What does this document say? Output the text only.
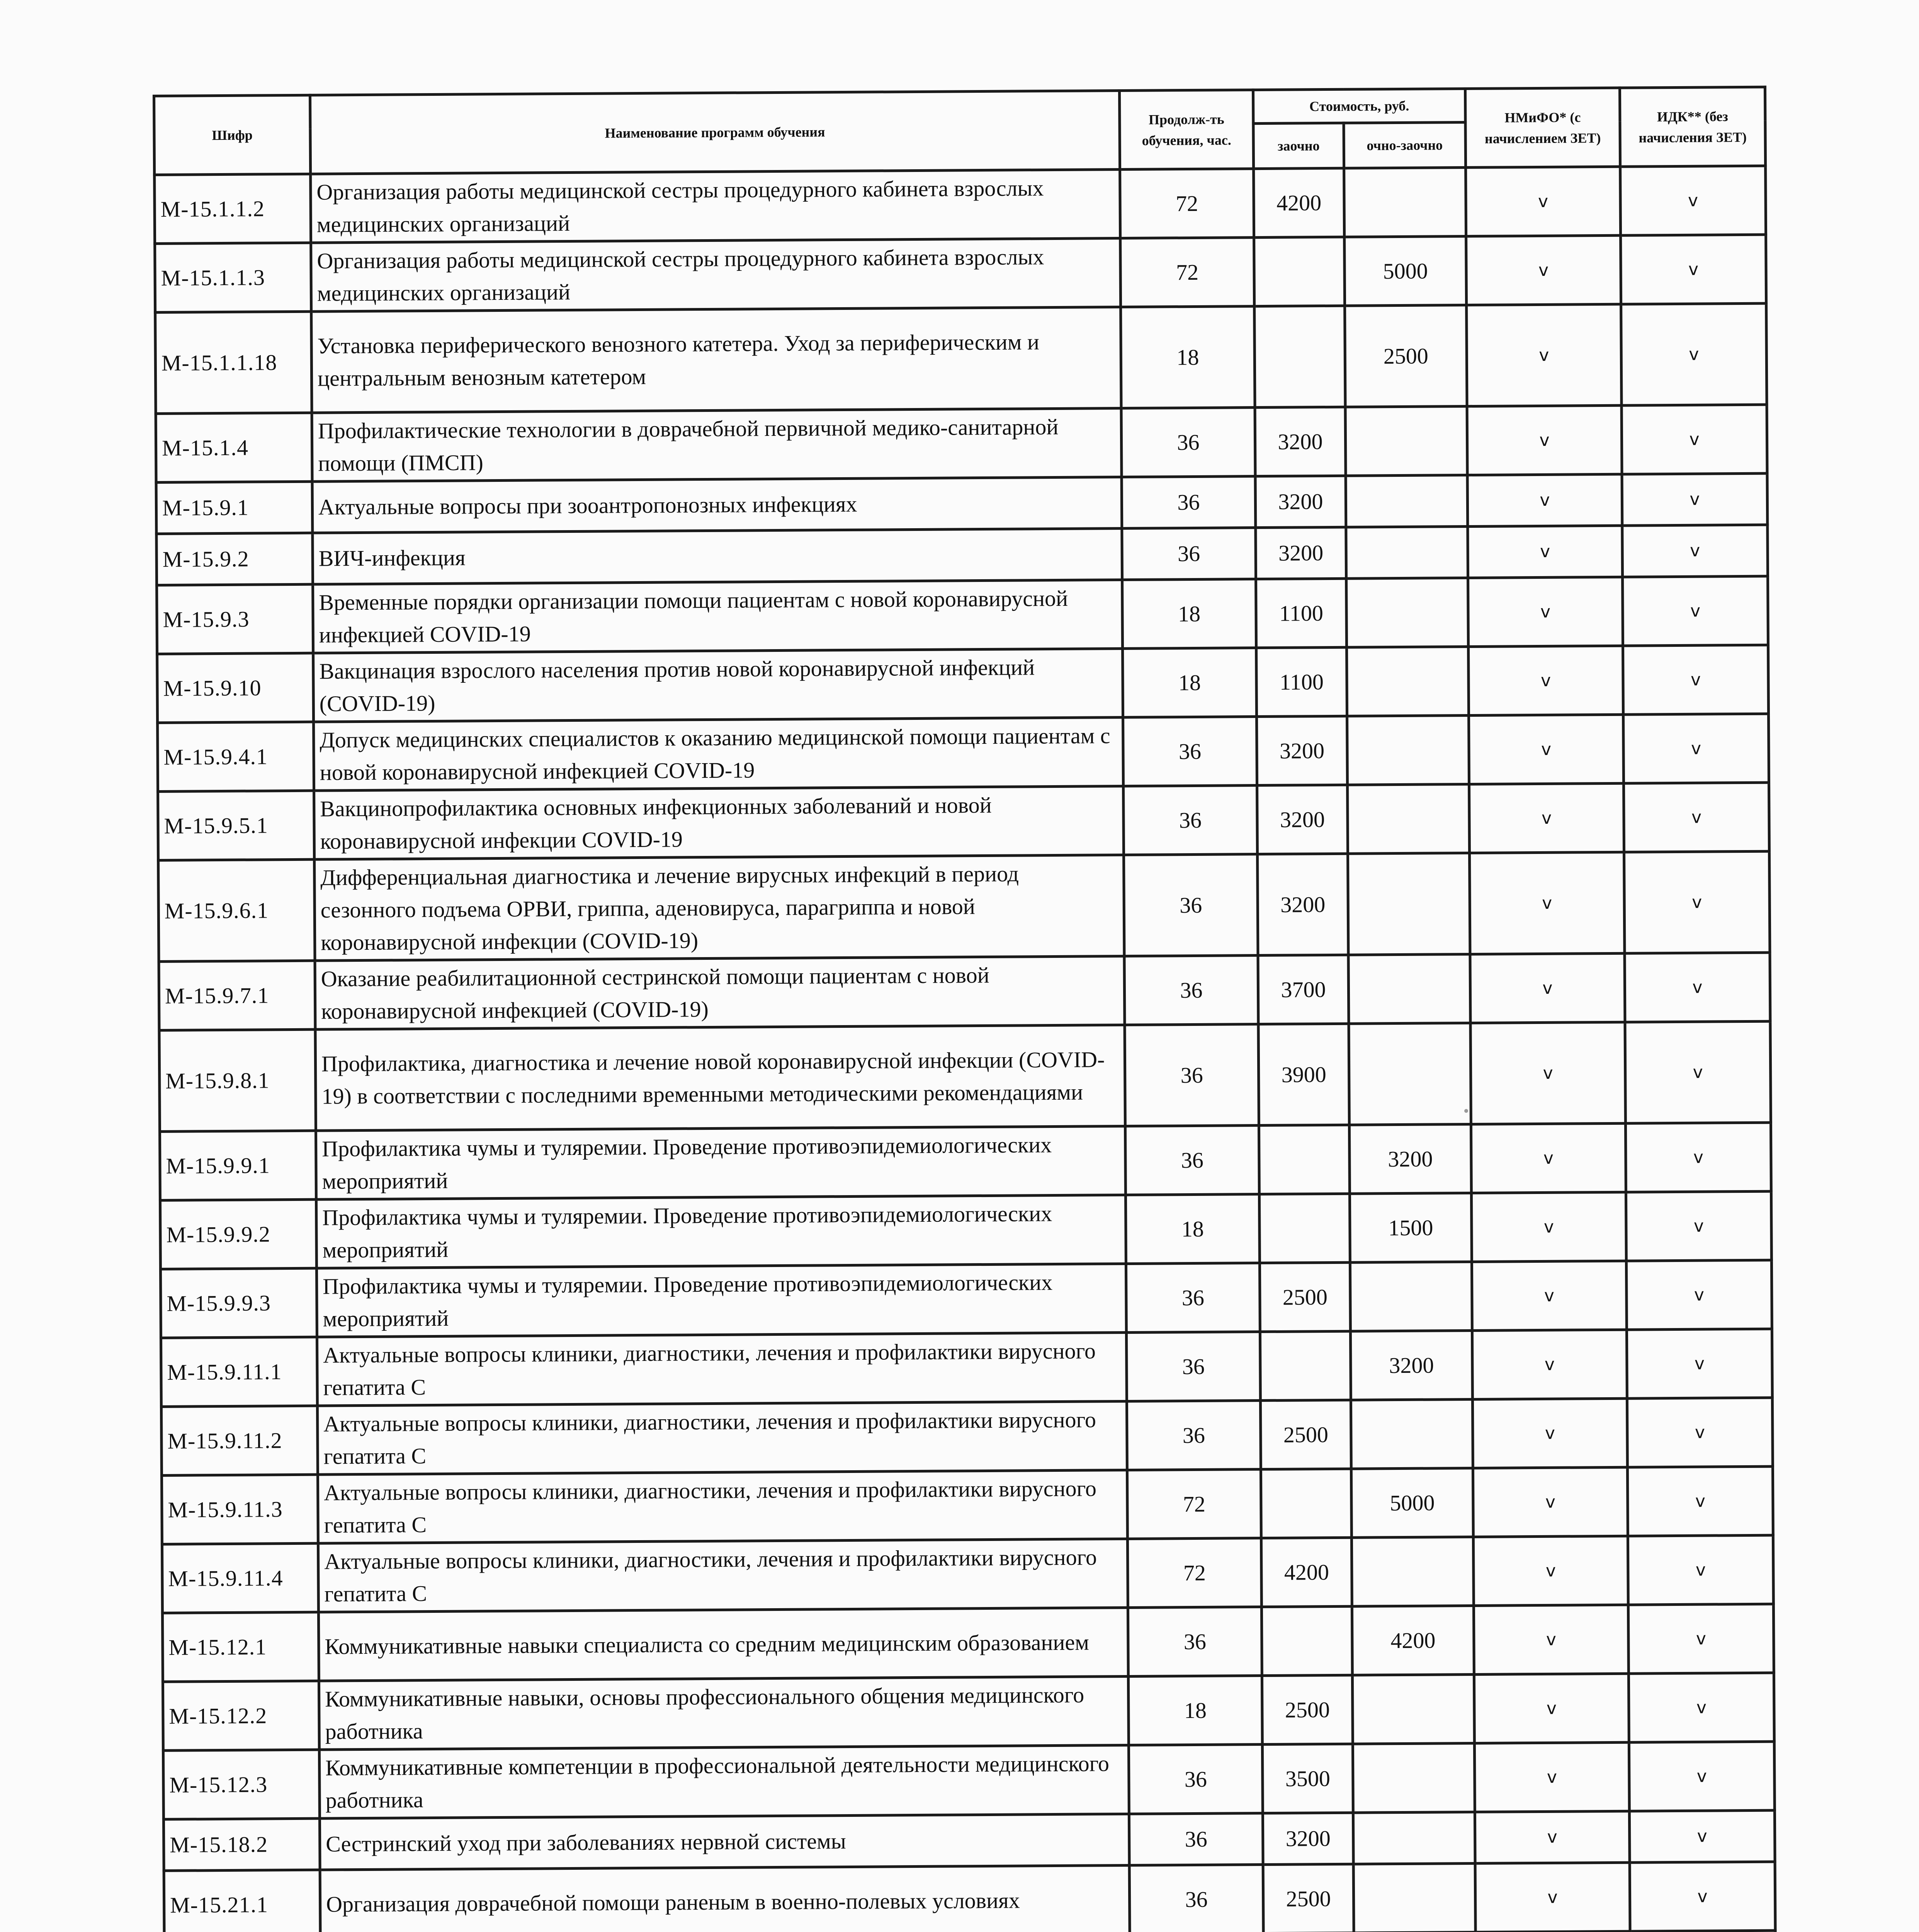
Шифр	Наименование программ обучения	Продолж-ть обучения, час.	Стоимость, руб.		НМиФО* (с начислением ЗЕТ)	ИДК** (без начисления ЗЕТ)
			заочно	очно-заочно		
М-15.1.1.2	Организация работы медицинской сестры процедурного кабинета взрослых медицинских организаций	72	4200		v	v
М-15.1.1.3	Организация работы медицинской сестры процедурного кабинета взрослых медицинских организаций	72		5000	v	v
М-15.1.1.18	Установка периферического венозного катетера. Уход за периферическим и центральным венозным катетером	18		2500	v	v
М-15.1.4	Профилактические технологии в доврачебной первичной медико-санитарной помощи (ПМСП)	36	3200		v	v
М-15.9.1	Актуальные вопросы при зооантропонозных инфекциях	36	3200		v	v
М-15.9.2	ВИЧ-инфекция	36	3200		v	v
М-15.9.3	Временные порядки организации помощи пациентам с новой коронавирусной инфекцией COVID-19	18	1100		v	v
М-15.9.10	Вакцинация взрослого населения против новой коронавирусной инфекций (COVID-19)	18	1100		v	v
М-15.9.4.1	Допуск медицинских специалистов к оказанию медицинской помощи пациентам с новой коронавирусной инфекцией COVID-19	36	3200		v	v
М-15.9.5.1	Вакцинопрофилактика основных инфекционных заболеваний и новой коронавирусной инфекции COVID-19	36	3200		v	v
М-15.9.6.1	Дифференциальная диагностика и лечение вирусных инфекций в период сезонного подъема ОРВИ, гриппа, аденовируса, парагриппа и новой коронавирусной инфекции (COVID-19)	36	3200		v	v
М-15.9.7.1	Оказание реабилитационной сестринской помощи пациентам с новой коронавирусной инфекцией (COVID-19)	36	3700		v	v
М-15.9.8.1	Профилактика, диагностика и лечение новой коронавирусной инфекции (COVID-19) в соответствии с последними временными методическими рекомендациями	36	3900		v	v
М-15.9.9.1	Профилактика чумы и туляремии. Проведение противоэпидемиологических мероприятий	36		3200	v	v
М-15.9.9.2	Профилактика чумы и туляремии. Проведение противоэпидемиологических мероприятий	18		1500	v	v
М-15.9.9.3	Профилактика чумы и туляремии. Проведение противоэпидемиологических мероприятий	36	2500		v	v
М-15.9.11.1	Актуальные вопросы клиники, диагностики, лечения и профилактики вирусного гепатита С	36		3200	v	v
М-15.9.11.2	Актуальные вопросы клиники, диагностики, лечения и профилактики вирусного гепатита С	36	2500		v	v
М-15.9.11.3	Актуальные вопросы клиники, диагностики, лечения и профилактики вирусного гепатита С	72		5000	v	v
М-15.9.11.4	Актуальные вопросы клиники, диагностики, лечения и профилактики вирусного гепатита С	72	4200		v	v
М-15.12.1	Коммуникативные навыки специалиста со средним медицинским образованием	36		4200	v	v
М-15.12.2	Коммуникативные навыки, основы профессионального общения медицинского работника	18	2500		v	v
М-15.12.3	Коммуникативные компетенции в профессиональной деятельности медицинского работника	36	3500		v	v
М-15.18.2	Сестринский уход при заболеваниях нервной системы	36	3200		v	v
М-15.21.1	Организация доврачебной помощи раненым в военно-полевых условиях	36	2500		v	v
